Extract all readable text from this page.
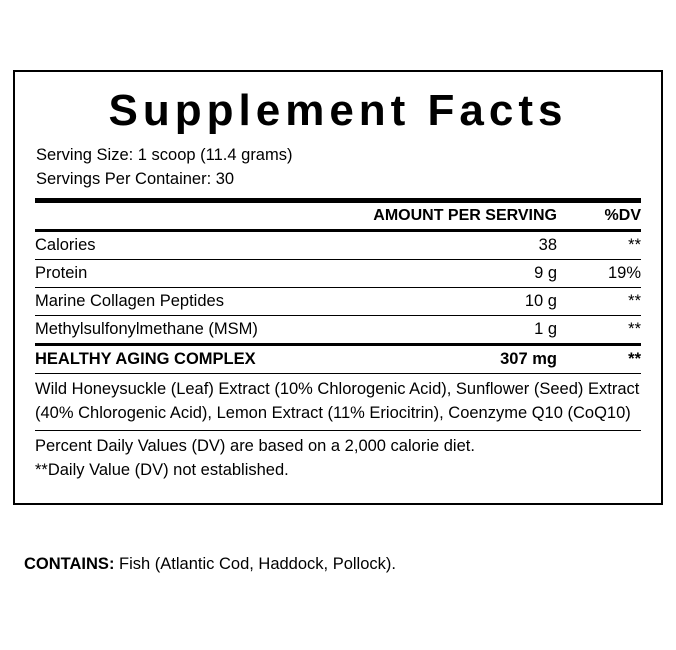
Supplement Facts
Serving Size: 1 scoop (11.4 grams)
Servings Per Container: 30
	AMOUNT PER SERVING	%DV
Calories	38	**
Protein	9 g	19%
Marine Collagen Peptides	10 g	**
Methylsulfonylmethane (MSM)	1 g	**
HEALTHY AGING COMPLEX	307 mg	**
Wild Honeysuckle (Leaf) Extract (10% Chlorogenic Acid), Sunflower (Seed) Extract (40% Chlorogenic Acid), Lemon Extract (11% Eriocitrin), Coenzyme Q10 (CoQ10)		

Percent Daily Values (DV) are based on a 2,000 calorie diet.
**Daily Value (DV) not established.		
CONTAINS: Fish (Atlantic Cod, Haddock, Pollock).
